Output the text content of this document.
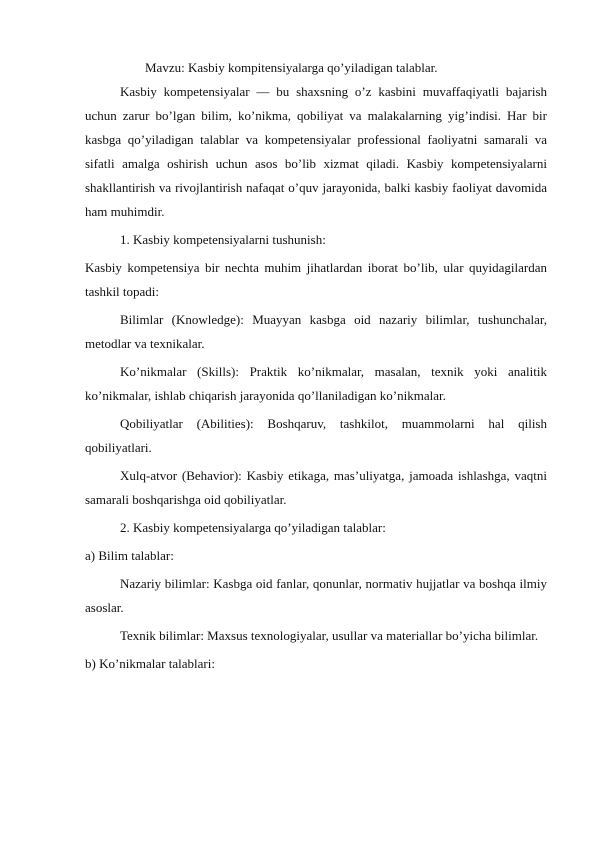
Mavzu: Kasbiy kompitensiyalarga qo’yiladigan talablar.

Kasbiy kompetensiyalar — bu shaxsning o’z kasbini muvaffaqiyatli bajarish uchun zarur bo’lgan bilim, ko’nikma, qobiliyat va malakalarning yig’indisi. Har bir kasbga qo’yiladigan talablar va kompetensiyalar professional faoliyatni samarali va sifatli amalga oshirish uchun asos bo’lib xizmat qiladi. Kasbiy kompetensiyalarni shakllantirish va rivojlantirish nafaqat o’quv jarayonida, balki kasbiy faoliyat davomida ham muhimdir.

1. Kasbiy kompetensiyalarni tushunish:

Kasbiy kompetensiya bir nechta muhim jihatlardan iborat bo’lib, ular quyidagilardan tashkil topadi:

Bilimlar (Knowledge): Muayyan kasbga oid nazariy bilimlar, tushunchalar, metodlar va texnikalar.

Ko’nikmalar (Skills): Praktik ko’nikmalar, masalan, texnik yoki analitik ko’nikmalar, ishlab chiqarish jarayonida qo’llaniladigan ko’nikmalar.

Qobiliyatlar (Abilities): Boshqaruv, tashkilot, muammolarni hal qilish qobiliyatlari.

Xulq-atvor (Behavior): Kasbiy etikaga, mas’uliyatga, jamoada ishlashga, vaqtni samarali boshqarishga oid qobiliyatlar.

2. Kasbiy kompetensiyalarga qo’yiladigan talablar:

a) Bilim talablar:

Nazariy bilimlar: Kasbga oid fanlar, qonunlar, normativ hujjatlar va boshqa ilmiy asoslar.

Texnik bilimlar: Maxsus texnologiyalar, usullar va materiallar bo’yicha bilimlar.

b) Ko’nikmalar talablari:
